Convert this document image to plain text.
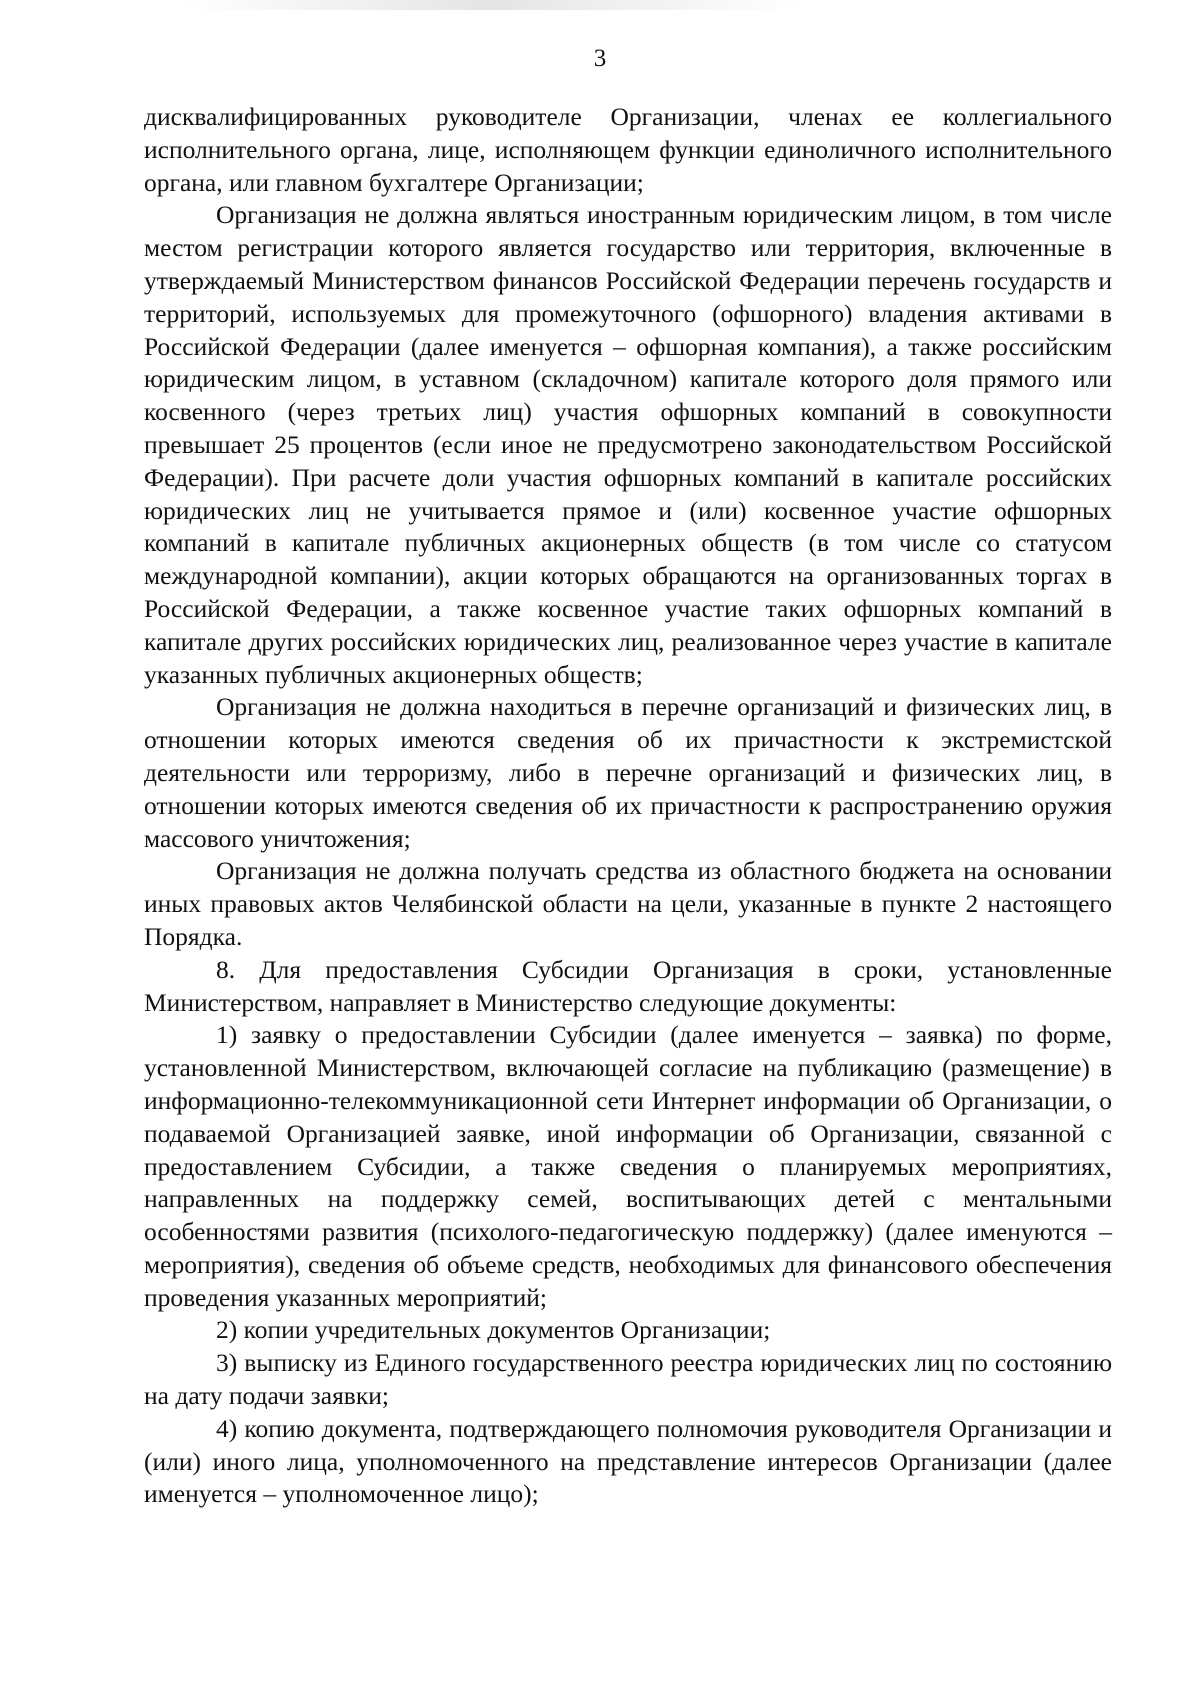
3

дисквалифицированных руководителе Организации, членах ее коллегиального исполнительного органа, лице, исполняющем функции единоличного исполнительного органа, или главном бухгалтере Организации;

Организация не должна являться иностранным юридическим лицом, в том числе местом регистрации которого является государство или территория, включенные в утверждаемый Министерством финансов Российской Федерации перечень государств и территорий, используемых для промежуточного (офшорного) владения активами в Российской Федерации (далее именуется – офшорная компания), а также российским юридическим лицом, в уставном (складочном) капитале которого доля прямого или косвенного (через третьих лиц) участия офшорных компаний в совокупности превышает 25 процентов (если иное не предусмотрено законодательством Российской Федерации). При расчете доли участия офшорных компаний в капитале российских юридических лиц не учитывается прямое и (или) косвенное участие офшорных компаний в капитале публичных акционерных обществ (в том числе со статусом международной компании), акции которых обращаются на организованных торгах в Российской Федерации, а также косвенное участие таких офшорных компаний в капитале других российских юридических лиц, реализованное через участие в капитале указанных публичных акционерных обществ;

Организация не должна находиться в перечне организаций и физических лиц, в отношении которых имеются сведения об их причастности к экстремистской деятельности или терроризму, либо в перечне организаций и физических лиц, в отношении которых имеются сведения об их причастности к распространению оружия массового уничтожения;

Организация не должна получать средства из областного бюджета на основании иных правовых актов Челябинской области на цели, указанные в пункте 2 настоящего Порядка.

8. Для предоставления Субсидии Организация в сроки, установленные Министерством, направляет в Министерство следующие документы:

1) заявку о предоставлении Субсидии (далее именуется – заявка) по форме, установленной Министерством, включающей согласие на публикацию (размещение) в информационно-телекоммуникационной сети Интернет информации об Организации, о подаваемой Организацией заявке, иной информации об Организации, связанной с предоставлением Субсидии, а также сведения о планируемых мероприятиях, направленных на поддержку семей, воспитывающих детей с ментальными особенностями развития (психолого-педагогическую поддержку) (далее именуются – мероприятия), сведения об объеме средств, необходимых для финансового обеспечения проведения указанных мероприятий;

2) копии учредительных документов Организации;

3) выписку из Единого государственного реестра юридических лиц по состоянию на дату подачи заявки;

4) копию документа, подтверждающего полномочия руководителя Организации и (или) иного лица, уполномоченного на представление интересов Организации (далее именуется – уполномоченное лицо);
